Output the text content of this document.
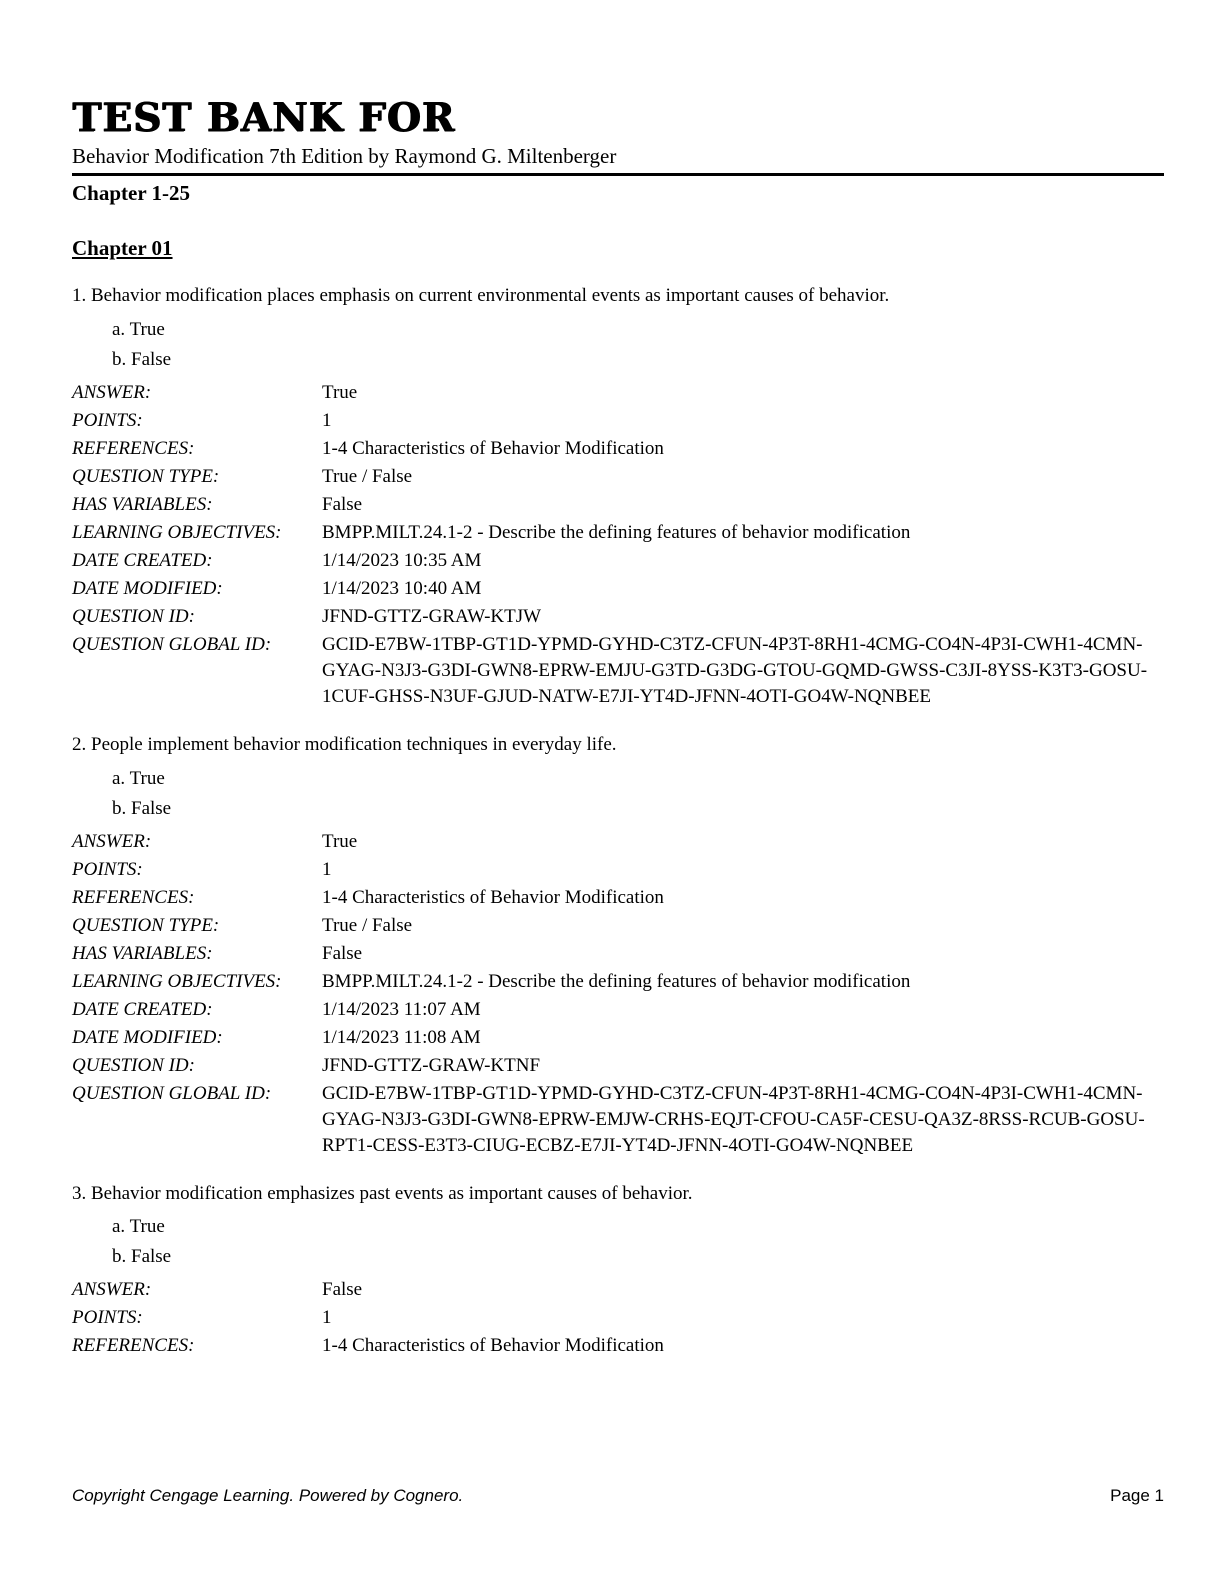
TEST BANK FOR
Behavior Modification 7th Edition by Raymond G. Miltenberger
Chapter 1-25
Chapter 01

1. Behavior modification places emphasis on current environmental events as important causes of behavior.

a. True
b. False
ANSWER:	True
POINTS:	1
REFERENCES:	1-4 Characteristics of Behavior Modification
QUESTION TYPE:	True / False
HAS VARIABLES:	False
LEARNING OBJECTIVES:	BMPP.MILT.24.1-2 - Describe the defining features of behavior modification
DATE CREATED:	1/14/2023 10:35 AM
DATE MODIFIED:	1/14/2023 10:40 AM
QUESTION ID:	JFND-GTTZ-GRAW-KTJW
QUESTION GLOBAL ID:	GCID-E7BW-1TBP-GT1D-YPMD-GYHD-C3TZ-CFUN-4P3T-8RH1-4CMG-CO4N-4P3I-CWH1-4CMN-GYAG-N3J3-G3DI-GWN8-EPRW-EMJU-G3TD-G3DG-GTOU-GQMD-GWSS-C3JI-8YSS-K3T3-GOSU-1CUF-GHSS-N3UF-GJUD-NATW-E7JI-YT4D-JFNN-4OTI-GO4W-NQNBEE

2. People implement behavior modification techniques in everyday life.

a. True
b. False
ANSWER:	True
POINTS:	1
REFERENCES:	1-4 Characteristics of Behavior Modification
QUESTION TYPE:	True / False
HAS VARIABLES:	False
LEARNING OBJECTIVES:	BMPP.MILT.24.1-2 - Describe the defining features of behavior modification
DATE CREATED:	1/14/2023 11:07 AM
DATE MODIFIED:	1/14/2023 11:08 AM
QUESTION ID:	JFND-GTTZ-GRAW-KTNF
QUESTION GLOBAL ID:	GCID-E7BW-1TBP-GT1D-YPMD-GYHD-C3TZ-CFUN-4P3T-8RH1-4CMG-CO4N-4P3I-CWH1-4CMN-GYAG-N3J3-G3DI-GWN8-EPRW-EMJW-CRHS-EQJT-CFOU-CA5F-CESU-QA3Z-8RSS-RCUB-GOSU-RPT1-CESS-E3T3-CIUG-ECBZ-E7JI-YT4D-JFNN-4OTI-GO4W-NQNBEE

3. Behavior modification emphasizes past events as important causes of behavior.

a. True
b. False
ANSWER:	False
POINTS:	1
REFERENCES:	1-4 Characteristics of Behavior Modification
Copyright Cengage Learning. Powered by Cognero.	Page 1
